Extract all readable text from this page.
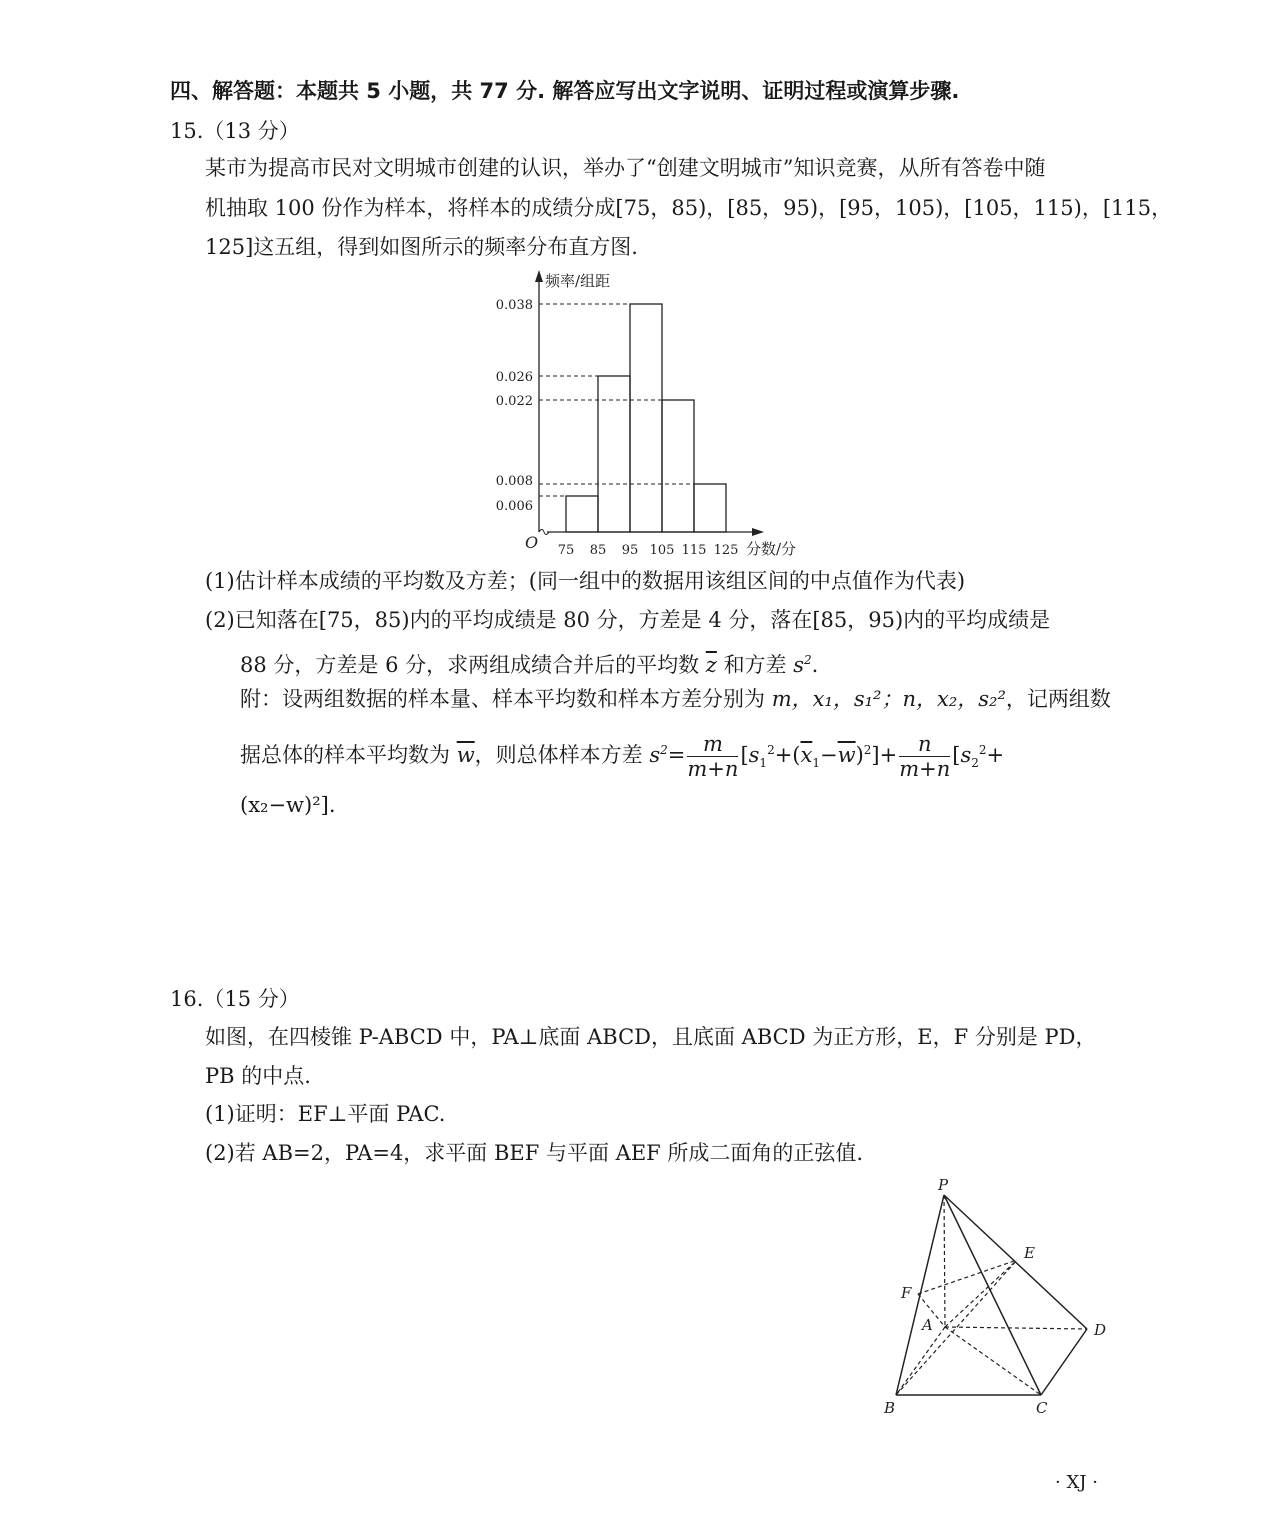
四、解答题：本题共 5 小题，共 77 分. 解答应写出文字说明、证明过程或演算步骤.
15.（13 分）
某市为提高市民对文明城市创建的认识，举办了“创建文明城市”知识竞赛，从所有答卷中随
机抽取 100 份作为样本，将样本的成绩分成[75，85)，[85，95)，[95，105)，[105，115)，[115，
125]这五组，得到如图所示的频率分布直方图.
频率/组距
分数/分
O
0.038
0.026
0.022
0.008
0.006
75 85 95 105 115 125
(1)估计样本成绩的平均数及方差；(同一组中的数据用该组区间的中点值作为代表)
(2)已知落在[75，85)内的平均成绩是 80 分，方差是 4 分，落在[85，95)内的平均成绩是
88 分，方差是 6 分，求两组成绩合并后的平均数 $\overline{z}$ 和方差 $s^2$.
附：设两组数据的样本量、样本平均数和样本方差分别为 m，x₁，s₁²；n，x₂，s₂²，记两组数
据总体的样本平均数为 $\overline{w}$，则总体样本方差 $s^2= \frac{m}{m+n} [s_1^2+(\overline{x}_1-\overline{w})^2]+ \frac{n}{m+n} [s_2^2+$
(x₂−w)²].
16.（15 分）
如图，在四棱锥 P-ABCD 中，PA⊥底面 ABCD，且底面 ABCD 为正方形，E，F 分别是 PD，
PB 的中点.
(1)证明：EF⊥平面 PAC.
(2)若 AB=2，PA=4，求平面 BEF 与平面 AEF 所成二面角的正弦值.
P
E
F
A	D
B	C
· XJ ·
